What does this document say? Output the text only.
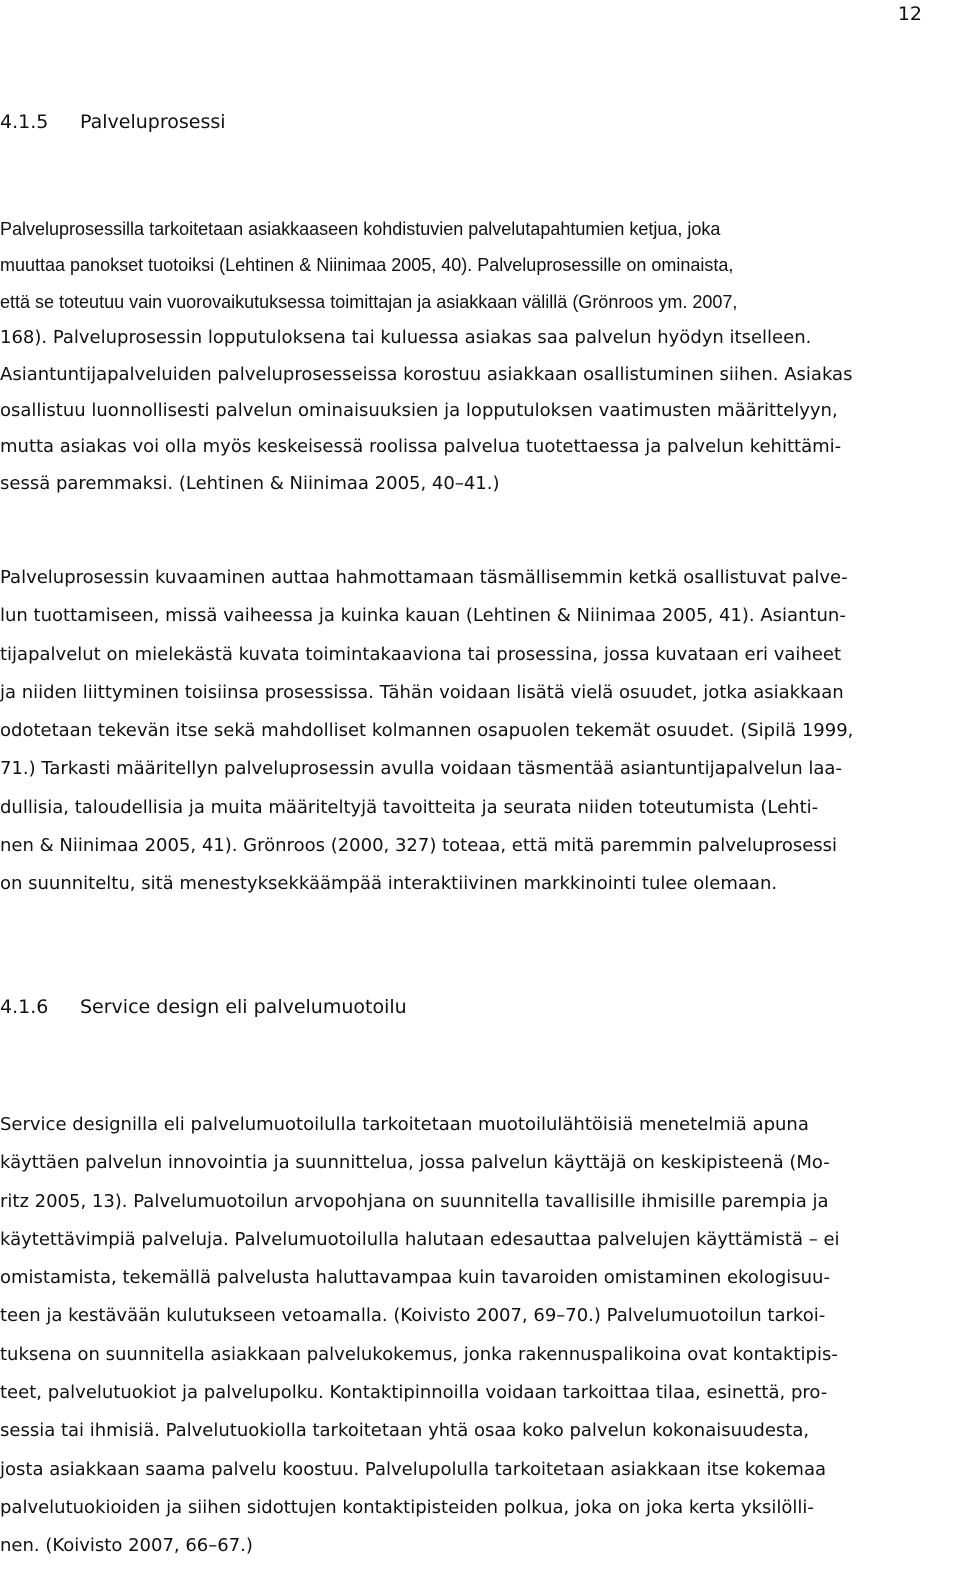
12
4.1.5 Palveluprosessi
Palveluprosessilla tarkoitetaan asiakkaaseen kohdistuvien palvelutapahtumien ketjua, joka
muuttaa panokset tuotoiksi (Lehtinen & Niinimaa 2005, 40). Palveluprosessille on ominaista,
että se toteutuu vain vuorovaikutuksessa toimittajan ja asiakkaan välillä (Grönroos ym. 2007,
168). Palveluprosessin lopputuloksena tai kuluessa asiakas saa palvelun hyödyn itselleen.
Asiantuntijapalveluiden palveluprosesseissa korostuu asiakkaan osallistuminen siihen. Asiakas
osallistuu luonnollisesti palvelun ominaisuuksien ja lopputuloksen vaatimusten määrittelyyn,
mutta asiakas voi olla myös keskeisessä roolissa palvelua tuotettaessa ja palvelun kehittämi-
sessä paremmaksi. (Lehtinen & Niinimaa 2005, 40–41.)
Palveluprosessin kuvaaminen auttaa hahmottamaan täsmällisemmin ketkä osallistuvat palve-
lun tuottamiseen, missä vaiheessa ja kuinka kauan (Lehtinen & Niinimaa 2005, 41). Asiantun-
tijapalvelut on mielekästä kuvata toimintakaaviona tai prosessina, jossa kuvataan eri vaiheet
ja niiden liittyminen toisiinsa prosessissa. Tähän voidaan lisätä vielä osuudet, jotka asiakkaan
odotetaan tekevän itse sekä mahdolliset kolmannen osapuolen tekemät osuudet. (Sipilä 1999,
71.) Tarkasti määritellyn palveluprosessin avulla voidaan täsmentää asiantuntijapalvelun laa-
dullisia, taloudellisia ja muita määriteltyjä tavoitteita ja seurata niiden toteutumista (Lehti-
nen & Niinimaa 2005, 41). Grönroos (2000, 327) toteaa, että mitä paremmin palveluprosessi
on suunniteltu, sitä menestyksekkäämpää interaktiivinen markkinointi tulee olemaan.
4.1.6 Service design eli palvelumuotoilu
Service designilla eli palvelumuotoilulla tarkoitetaan muotoilulähtöisiä menetelmiä apuna
käyttäen palvelun innovointia ja suunnittelua, jossa palvelun käyttäjä on keskipisteenä (Mo-
ritz 2005, 13). Palvelumuotoilun arvopohjana on suunnitella tavallisille ihmisille parempia ja
käytettävimpiä palveluja. Palvelumuotoilulla halutaan edesauttaa palvelujen käyttämistä – ei
omistamista, tekemällä palvelusta haluttavampaa kuin tavaroiden omistaminen ekologisuu-
teen ja kestävään kulutukseen vetoamalla. (Koivisto 2007, 69–70.) Palvelumuotoilun tarkoi-
tuksena on suunnitella asiakkaan palvelukokemus, jonka rakennuspalikoina ovat kontaktipis-
teet, palvelutuokiot ja palvelupolku. Kontaktipinnoilla voidaan tarkoittaa tilaa, esinettä, pro-
sessia tai ihmisiä. Palvelutuokiolla tarkoitetaan yhtä osaa koko palvelun kokonaisuudesta,
josta asiakkaan saama palvelu koostuu. Palvelupolulla tarkoitetaan asiakkaan itse kokemaa
palvelutuokioiden ja siihen sidottujen kontaktipisteiden polkua, joka on joka kerta yksilölli-
nen. (Koivisto 2007, 66–67.)
